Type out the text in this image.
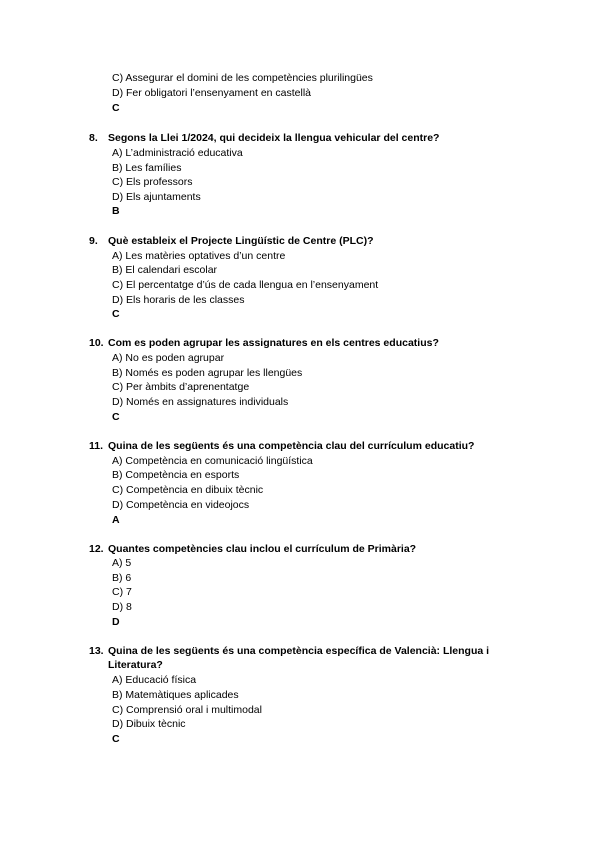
C) Assegurar el domini de les competències plurilingües
D) Fer obligatori l’ensenyament en castellà
C
8. Segons la Llei 1/2024, qui decideix la llengua vehicular del centre?
A) L’administració educativa
B) Les famílies
C) Els professors
D) Els ajuntaments
B
9. Què estableix el Projecte Lingüístic de Centre (PLC)?
A) Les matèries optatives d’un centre
B) El calendari escolar
C) El percentatge d’ús de cada llengua en l’ensenyament
D) Els horaris de les classes
C
10. Com es poden agrupar les assignatures en els centres educatius?
A) No es poden agrupar
B) Només es poden agrupar les llengües
C) Per àmbits d’aprenentatge
D) Només en assignatures individuals
C
11. Quina de les següents és una competència clau del currículum educatiu?
A) Competència en comunicació lingüística
B) Competència en esports
C) Competència en dibuix tècnic
D) Competència en videojocs
A
12. Quantes competències clau inclou el currículum de Primària?
A) 5
B) 6
C) 7
D) 8
D
13. Quina de les següents és una competència específica de Valencià: Llengua i Literatura?
A) Educació física
B) Matemàtiques aplicades
C) Comprensió oral i multimodal
D) Dibuix tècnic
C
